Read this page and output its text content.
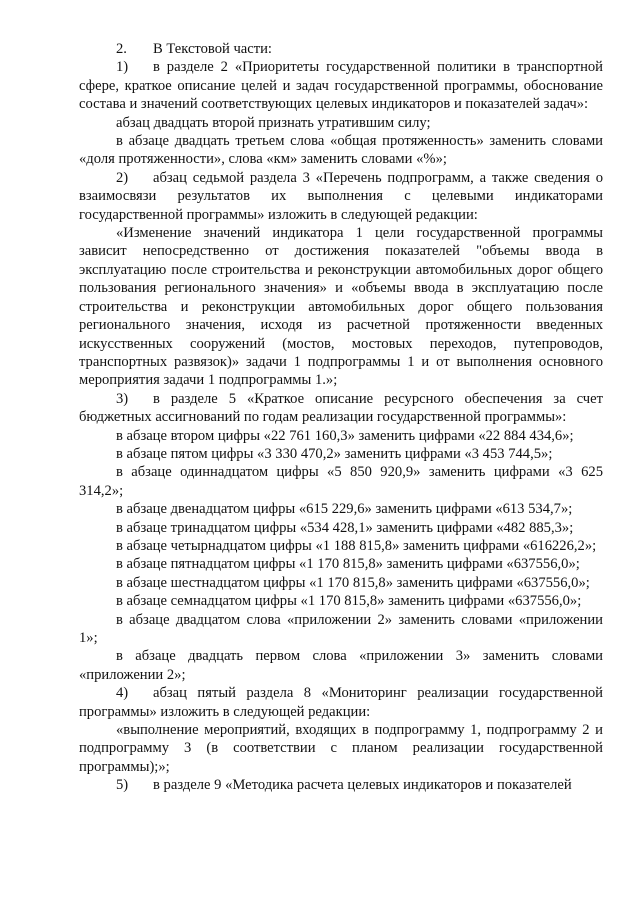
2. В Текстовой части:

1) в разделе 2 «Приоритеты государственной политики в транспортной сфере, краткое описание целей и задач государственной программы, обоснование состава и значений соответствующих целевых индикаторов и показателей задач»:

абзац двадцать второй признать утратившим силу;

в абзаце двадцать третьем слова «общая протяженность» заменить словами «доля протяженности», слова «км» заменить словами «%»;

2) абзац седьмой раздела 3 «Перечень подпрограмм, а также сведения о взаимосвязи результатов их выполнения с целевыми индикаторами государственной программы» изложить в следующей редакции:

«Изменение значений индикатора 1 цели государственной программы зависит непосредственно от достижения показателей "объемы ввода в эксплуатацию после строительства и реконструкции автомобильных дорог общего пользования регионального значения» и «объемы ввода в эксплуатацию после строительства и реконструкции автомобильных дорог общего пользования регионального значения, исходя из расчетной протяженности введенных искусственных сооружений (мостов, мостовых переходов, путепроводов, транспортных развязок)» задачи 1 подпрограммы 1 и от выполнения основного мероприятия задачи 1 подпрограммы 1.»;

3) в разделе 5 «Краткое описание ресурсного обеспечения за счет бюджетных ассигнований по годам реализации государственной программы»:

в абзаце втором цифры «22 761 160,3» заменить цифрами «22 884 434,6»;

в абзаце пятом цифры «3 330 470,2» заменить цифрами «3 453 744,5»;

в абзаце одиннадцатом цифры «5 850 920,9» заменить цифрами «3 625 314,2»;

в абзаце двенадцатом цифры «615 229,6» заменить цифрами «613 534,7»;

в абзаце тринадцатом цифры «534 428,1» заменить цифрами «482 885,3»;

в абзаце четырнадцатом цифры «1 188 815,8» заменить цифрами «616226,2»;

в абзаце пятнадцатом цифры «1 170 815,8» заменить цифрами «637556,0»;

в абзаце шестнадцатом цифры «1 170 815,8» заменить цифрами «637556,0»;

в абзаце семнадцатом цифры «1 170 815,8» заменить цифрами «637556,0»;

в абзаце двадцатом слова «приложении 2» заменить словами «приложении 1»;

в абзаце двадцать первом слова «приложении 3» заменить словами «приложении 2»;

4) абзац пятый раздела 8 «Мониторинг реализации государственной программы» изложить в следующей редакции:

«выполнение мероприятий, входящих в подпрограмму 1, подпрограмму 2 и подпрограмму 3 (в соответствии с планом реализации государственной программы);»;

5) в разделе 9 «Методика расчета целевых индикаторов и показателей
